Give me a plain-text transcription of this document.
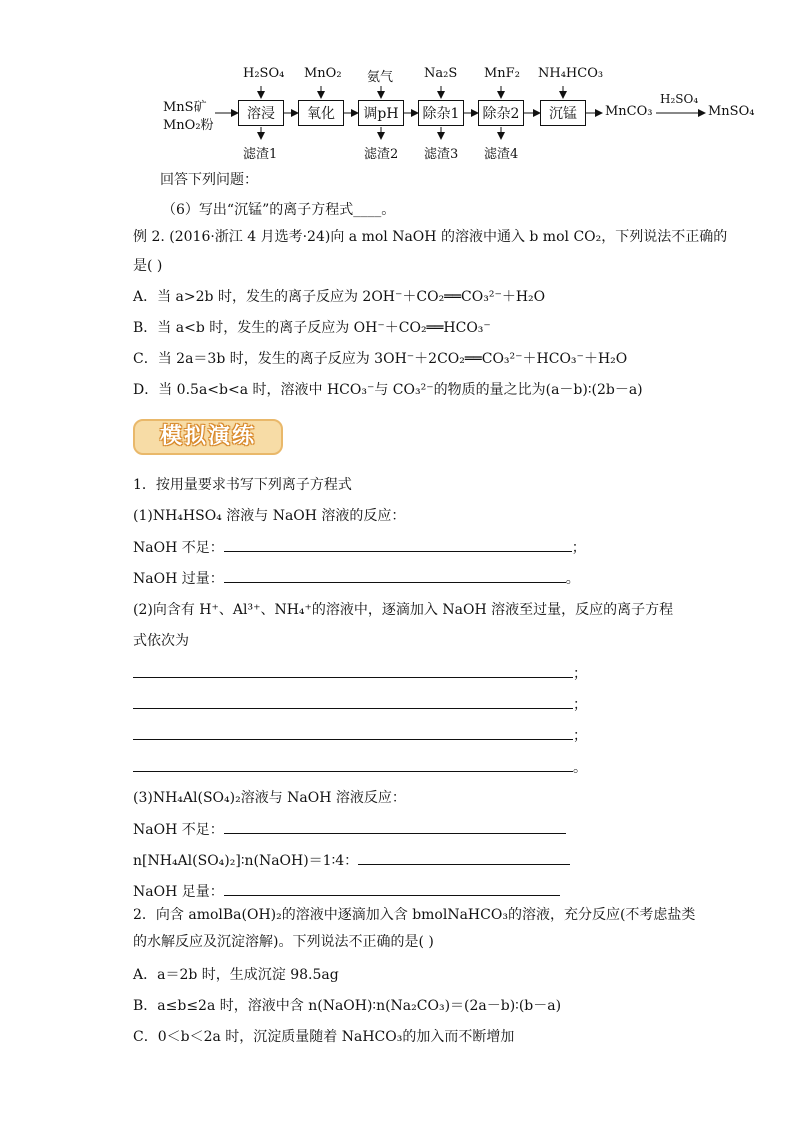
MnS矿
MnO₂粉
溶浸	氧化	调pH	除杂1	除杂2	沉锰
H₂SO₄ MnO₂ 氨气 Na₂S MnF₂ NH₄HCO₃
滤渣1	滤渣2 滤渣3 滤渣4
MnCO₃
H₂SO₄
MnSO₄
回答下列问题：
（6）写出“沉锰”的离子方程式____。
例 2. (2016·浙江 4 月选考·24)向 a mol NaOH 的溶液中通入 b mol CO₂，下列说法不正确的
是( )
A．当 a>2b 时，发生的离子反应为 2OH⁻＋CO₂══CO₃²⁻＋H₂O
B．当 a<b 时，发生的离子反应为 OH⁻＋CO₂══HCO₃⁻
C．当 2a＝3b 时，发生的离子反应为 3OH⁻＋2CO₂══CO₃²⁻＋HCO₃⁻＋H₂O
D．当 0.5a<b<a 时，溶液中 HCO₃⁻与 CO₃²⁻的物质的量之比为(a－b)∶(2b－a)
模拟演练
1．按用量要求书写下列离子方程式
(1)NH₄HSO₄ 溶液与 NaOH 溶液的反应：
NaOH 不足：	；
NaOH 过量：	。
(2)向含有 H⁺、Al³⁺、NH₄⁺的溶液中，逐滴加入 NaOH 溶液至过量，反应的离子方程
式依次为
；
；
；
。
(3)NH₄Al(SO₄)₂溶液与 NaOH 溶液反应：
NaOH 不足：
n[NH₄Al(SO₄)₂]∶n(NaOH)＝1∶4：
NaOH 足量：
2．向含 amolBa(OH)₂的溶液中逐滴加入含 bmolNaHCO₃的溶液，充分反应(不考虑盐类
的水解反应及沉淀溶解)。下列说法不正确的是( )
A．a＝2b 时，生成沉淀 98.5ag
B．a≤b≤2a 时，溶液中含 n(NaOH)∶n(Na₂CO₃)＝(2a－b)∶(b－a)
C．0＜b＜2a 时，沉淀质量随着 NaHCO₃的加入而不断增加
